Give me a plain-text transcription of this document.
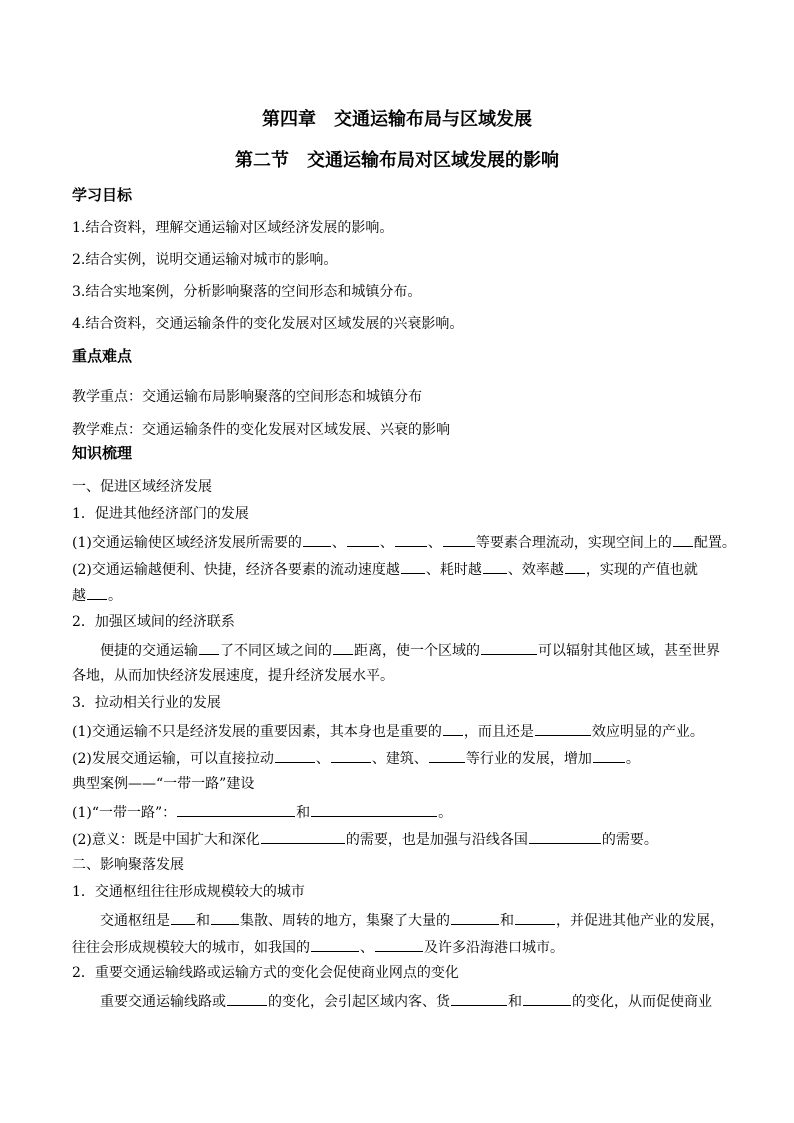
第四章　交通运输布局与区域发展
第二节　交通运输布局对区域发展的影响
学习目标
1.结合资料，理解交通运输对区域经济发展的影响。
2.结合实例，说明交通运输对城市的影响。
3.结合实地案例，分析影响聚落的空间形态和城镇分布。
4.结合资料，交通运输条件的变化发展对区域发展的兴衰影响。
重点难点
教学重点：交通运输布局影响聚落的空间形态和城镇分布
教学难点：交通运输条件的变化发展对区域发展、兴衰的影响
知识梳理
一、促进区域经济发展
1．促进其他经济部门的发展
(1)交通运输使区域经济发展所需要的 、 、 、 等要素合理流动，实现空间上的 配置。
(2)交通运输越便利、快捷，经济各要素的流动速度越 、耗时越 、效率越 ，实现的产值也就
越 。
2．加强区域间的经济联系
便捷的交通运输 了不同区域之间的 距离，使一个区域的	可以辐射其他区域，甚至世界
各地，从而加快经济发展速度，提升经济发展水平。
3．拉动相关行业的发展
(1)交通运输不只是经济发展的重要因素，其本身也是重要的 ，而且还是	效应明显的产业。
(2)发展交通运输，可以直接拉动	、	、建筑、	等行业的发展，增加 。
典型案例——“一带一路”建设
(1)“一带一路”：	和	。
(2)意义：既是中国扩大和深化	的需要，也是加强与沿线各国	的需要。
二、影响聚落发展
1．交通枢纽往往形成规模较大的城市
交通枢纽是 和 集散、周转的地方，集聚了大量的	和	，并促进其他产业的发展，
往往会形成规模较大的城市，如我国的	、	及许多沿海港口城市。
2．重要交通运输线路或运输方式的变化会促使商业网点的变化
重要交通运输线路或	的变化，会引起区域内客、货	和	的变化，从而促使商业
